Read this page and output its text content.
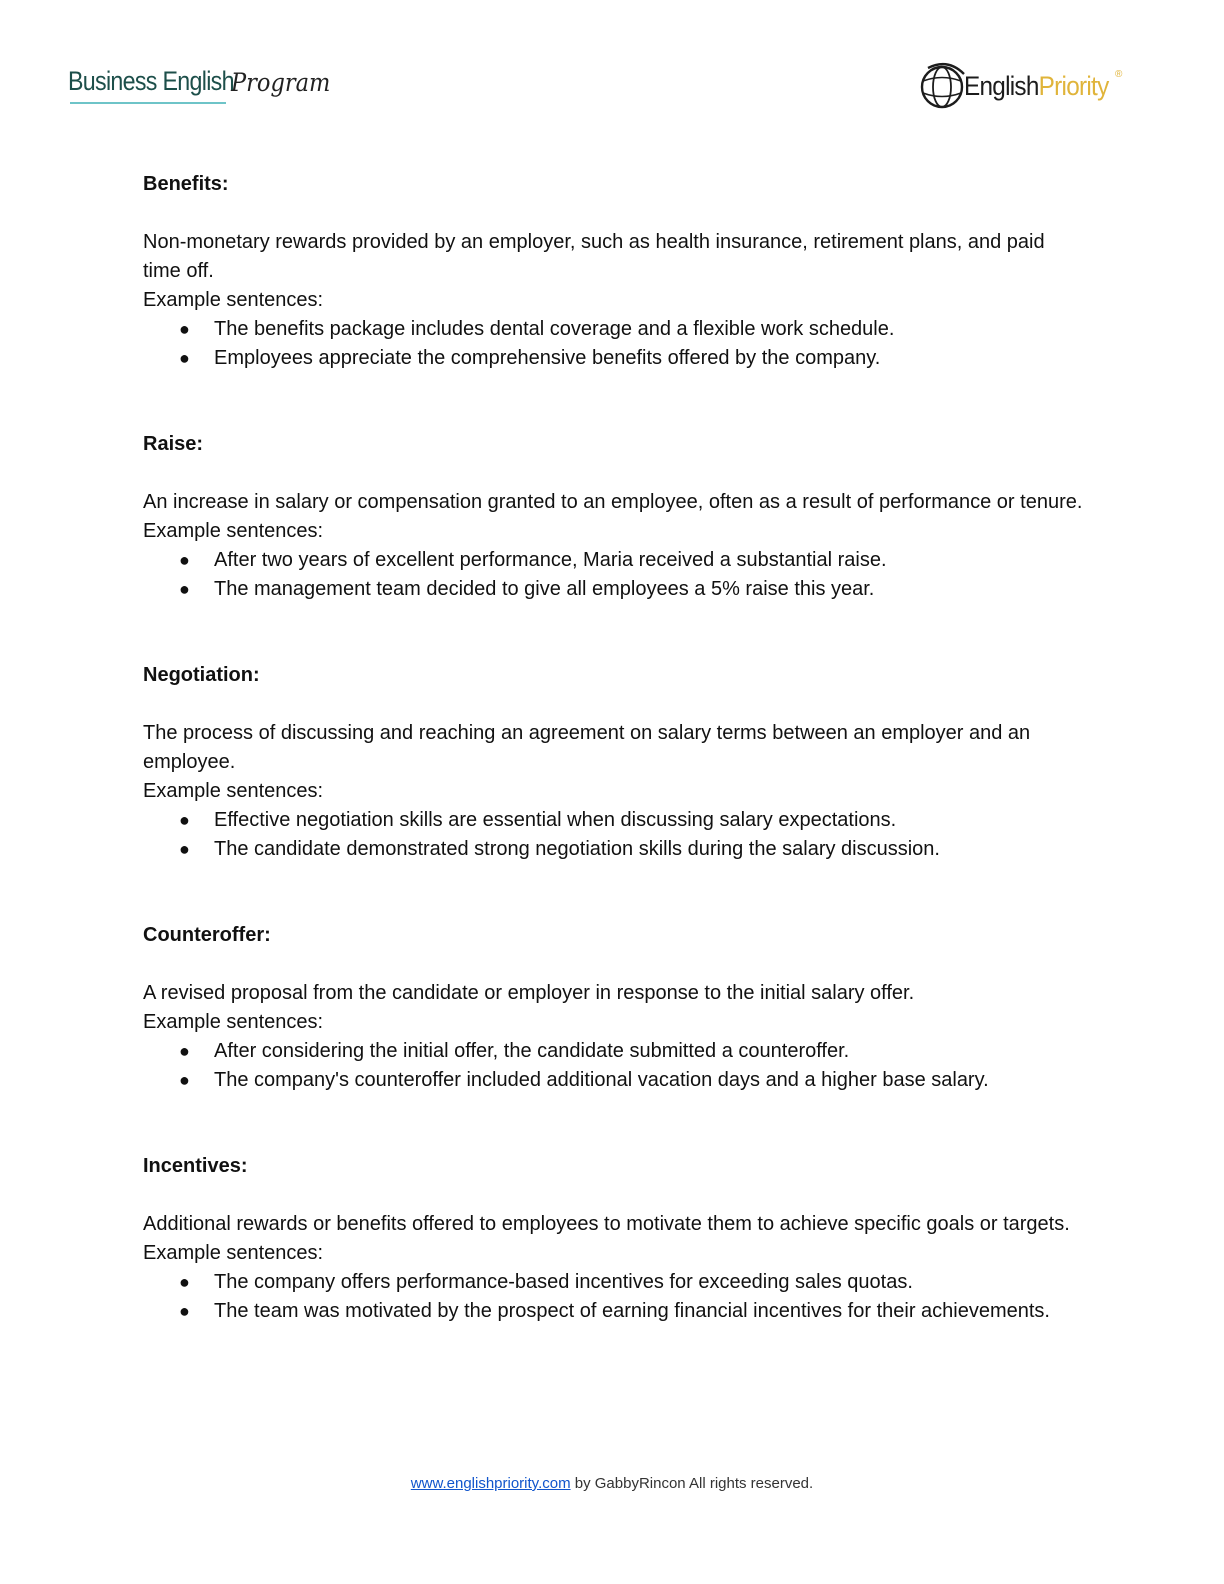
Business English
Program	EnglishPriority ®

Benefits:

Non-monetary rewards provided by an employer, such as health insurance, retirement plans, and paid time off.

Example sentences:

● The benefits package includes dental coverage and a flexible work schedule.
● Employees appreciate the comprehensive benefits offered by the company.

Raise:

An increase in salary or compensation granted to an employee, often as a result of performance or tenure.

Example sentences:

● After two years of excellent performance, Maria received a substantial raise.
● The management team decided to give all employees a 5% raise this year.

Negotiation:

The process of discussing and reaching an agreement on salary terms between an employer and an employee.

Example sentences:

● Effective negotiation skills are essential when discussing salary expectations.
● The candidate demonstrated strong negotiation skills during the salary discussion.

Counteroffer:

A revised proposal from the candidate or employer in response to the initial salary offer.

Example sentences:

● After considering the initial offer, the candidate submitted a counteroffer.
● The company's counteroffer included additional vacation days and a higher base salary.

Incentives:

Additional rewards or benefits offered to employees to motivate them to achieve specific goals or targets.

Example sentences:

● The company offers performance-based incentives for exceeding sales quotas.
● The team was motivated by the prospect of earning financial incentives for their achievements.
www.englishpriority.com by GabbyRincon All rights reserved.
